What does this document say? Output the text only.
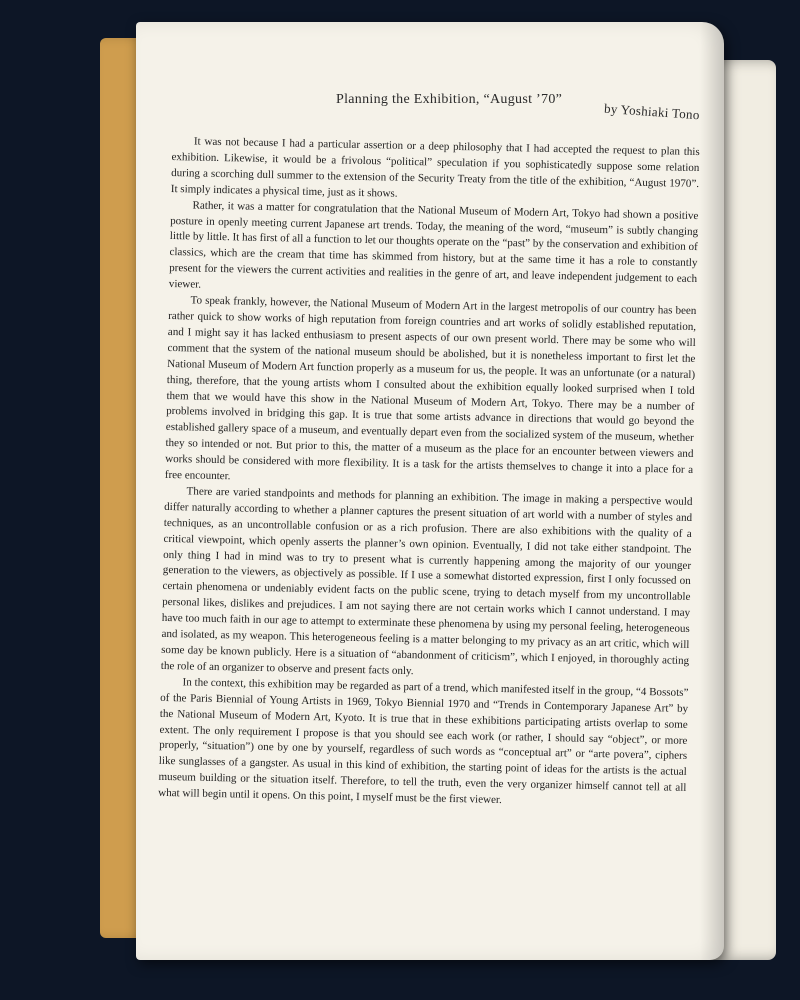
Planning the Exhibition, “August ’70”
by Yoshiaki Tono

It was not because I had a particular assertion or a deep philosophy that I had accepted the request to plan this exhibition. Likewise, it would be a frivolous “political” speculation if you sophisticatedly suppose some relation during a scorching dull summer to the extension of the Security Treaty from the title of the exhibition, “August 1970”. It simply indicates a physical time, just as it shows.

Rather, it was a matter for congratulation that the National Museum of Modern Art, Tokyo had shown a positive posture in openly meeting current Japanese art trends. Today, the meaning of the word, “museum” is subtly changing little by little. It has first of all a function to let our thoughts operate on the “past” by the conservation and exhibition of classics, which are the cream that time has skimmed from history, but at the same time it has a role to constantly present for the viewers the current activities and realities in the genre of art, and leave independent judgement to each viewer.

To speak frankly, however, the National Museum of Modern Art in the largest metropolis of our country has been rather quick to show works of high reputation from foreign countries and art works of solidly established reputation, and I might say it has lacked enthusiasm to present aspects of our own present world. There may be some who will comment that the system of the national museum should be abolished, but it is nonetheless important to first let the National Museum of Modern Art function properly as a museum for us, the people. It was an unfortunate (or a natural) thing, therefore, that the young artists whom I consulted about the exhibition equally looked surprised when I told them that we would have this show in the National Museum of Modern Art, Tokyo. There may be a number of problems involved in bridging this gap. It is true that some artists advance in directions that would go beyond the established gallery space of a museum, and eventually depart even from the socialized system of the museum, whether they so intended or not. But prior to this, the matter of a museum as the place for an encounter between viewers and works should be considered with more flexibility. It is a task for the artists themselves to change it into a place for a free encounter.

There are varied standpoints and methods for planning an exhibition. The image in making a perspective would differ naturally according to whether a planner captures the present situation of art world with a number of styles and techniques, as an uncontrollable confusion or as a rich profusion. There are also exhibitions with the quality of a critical viewpoint, which openly asserts the planner’s own opinion. Eventually, I did not take either standpoint. The only thing I had in mind was to try to present what is currently happening among the majority of our younger generation to the viewers, as objectively as possible. If I use a somewhat distorted expression, first I only focussed on certain phenomena or undeniably evident facts on the public scene, trying to detach myself from my uncontrollable personal likes, dislikes and prejudices. I am not saying there are not certain works which I cannot understand. I may have too much faith in our age to attempt to exterminate these phenomena by using my personal feeling, heterogeneous and isolated, as my weapon. This heterogeneous feeling is a matter belonging to my privacy as an art critic, which will some day be known publicly. Here is a situation of “abandonment of criticism”, which I enjoyed, in thoroughly acting the role of an organizer to observe and present facts only.

In the context, this exhibition may be regarded as part of a trend, which manifested itself in the group, “4 Bossots” of the Paris Biennial of Young Artists in 1969, Tokyo Biennial 1970 and “Trends in Contemporary Japanese Art” by the National Museum of Modern Art, Kyoto. It is true that in these exhibitions participating artists overlap to some extent. The only requirement I propose is that you should see each work (or rather, I should say “object”, or more properly, “situation”) one by one by yourself, regardless of such words as “conceptual art” or “arte povera”, ciphers like sunglasses of a gangster. As usual in this kind of exhibition, the starting point of ideas for the artists is the actual museum building or the situation itself. Therefore, to tell the truth, even the very organizer himself cannot tell at all what will begin until it opens. On this point, I myself must be the first viewer.
